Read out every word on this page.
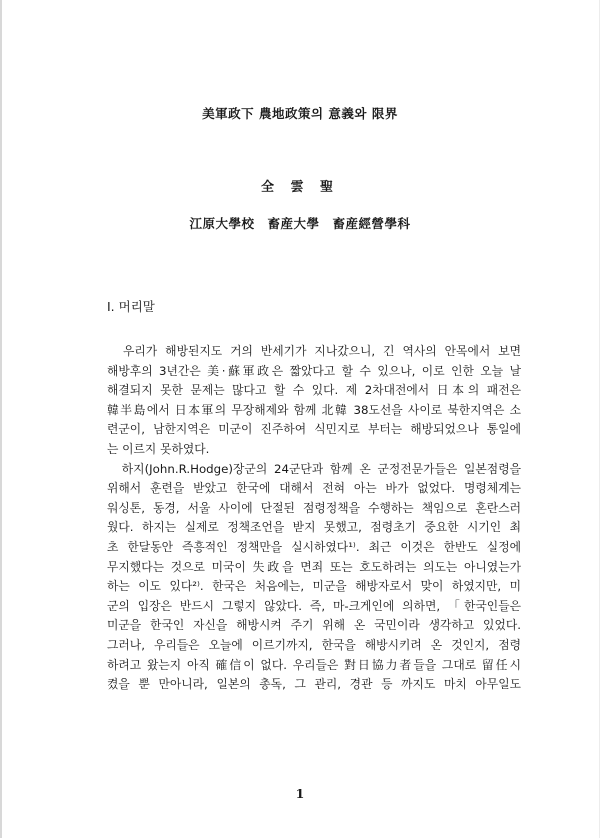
美軍政下 農地政策의 意義와 限界
全 雲 聖
江原大學校　畜産大學　畜産經營學科
Ⅰ. 머리말
　우리가 해방된지도 거의 반세기가 지나갔으니, 긴 역사의 안목에서 보면
해방후의 3년간은 美·蘇軍政은 짧았다고 할 수 있으나, 이로 인한 오늘 날
해결되지 못한 문제는 많다고 할 수 있다. 제 2차대전에서 日本의 패전은
韓半島에서 日本軍의 무장해제와 함께 北韓 38도선을 사이로 북한지역은 소
련군이, 남한지역은 미군이 진주하여 식민지로 부터는 해방되었으나 통일에
는 이르지 못하였다.
　하지(John.R.Hodge)장군의 24군단과 함께 온 군정전문가들은 일본점령을
위해서 훈련을 받았고 한국에 대해서 전혀 아는 바가 없었다. 명령체계는
워싱톤, 동경, 서울 사이에 단절된 점령정책을 수행하는 책임으로 혼란스러
웠다. 하지는 실제로 정책조언을 받지 못했고, 점령초기 중요한 시기인 최
초 한달동안 즉흥적인 정책만을 실시하였다¹⁾. 최근 이것은 한반도 실정에
무지했다는 것으로 미국이 失政을 면죄 또는 호도하려는 의도는 아니였는가
하는 이도 있다²⁾. 한국은 처음에는, 미군을 해방자로서 맞이 하였지만, 미
군의 입장은 반드시 그렇지 않았다. 즉, 마-크게인에 의하면, 「한국인들은
미군을 한국인 자신을 해방시켜 주기 위해 온 국민이라 생각하고 있었다.
그러나, 우리들은 오늘에 이르기까지, 한국을 해방시키려 온 것인지, 점령
하려고 왔는지 아직 確信이 없다. 우리들은 對日協力者들을 그대로 留任시
켰을 뿐 만아니라, 일본의 총독, 그 관리, 경관 등 까지도 마치 아무일도
1
